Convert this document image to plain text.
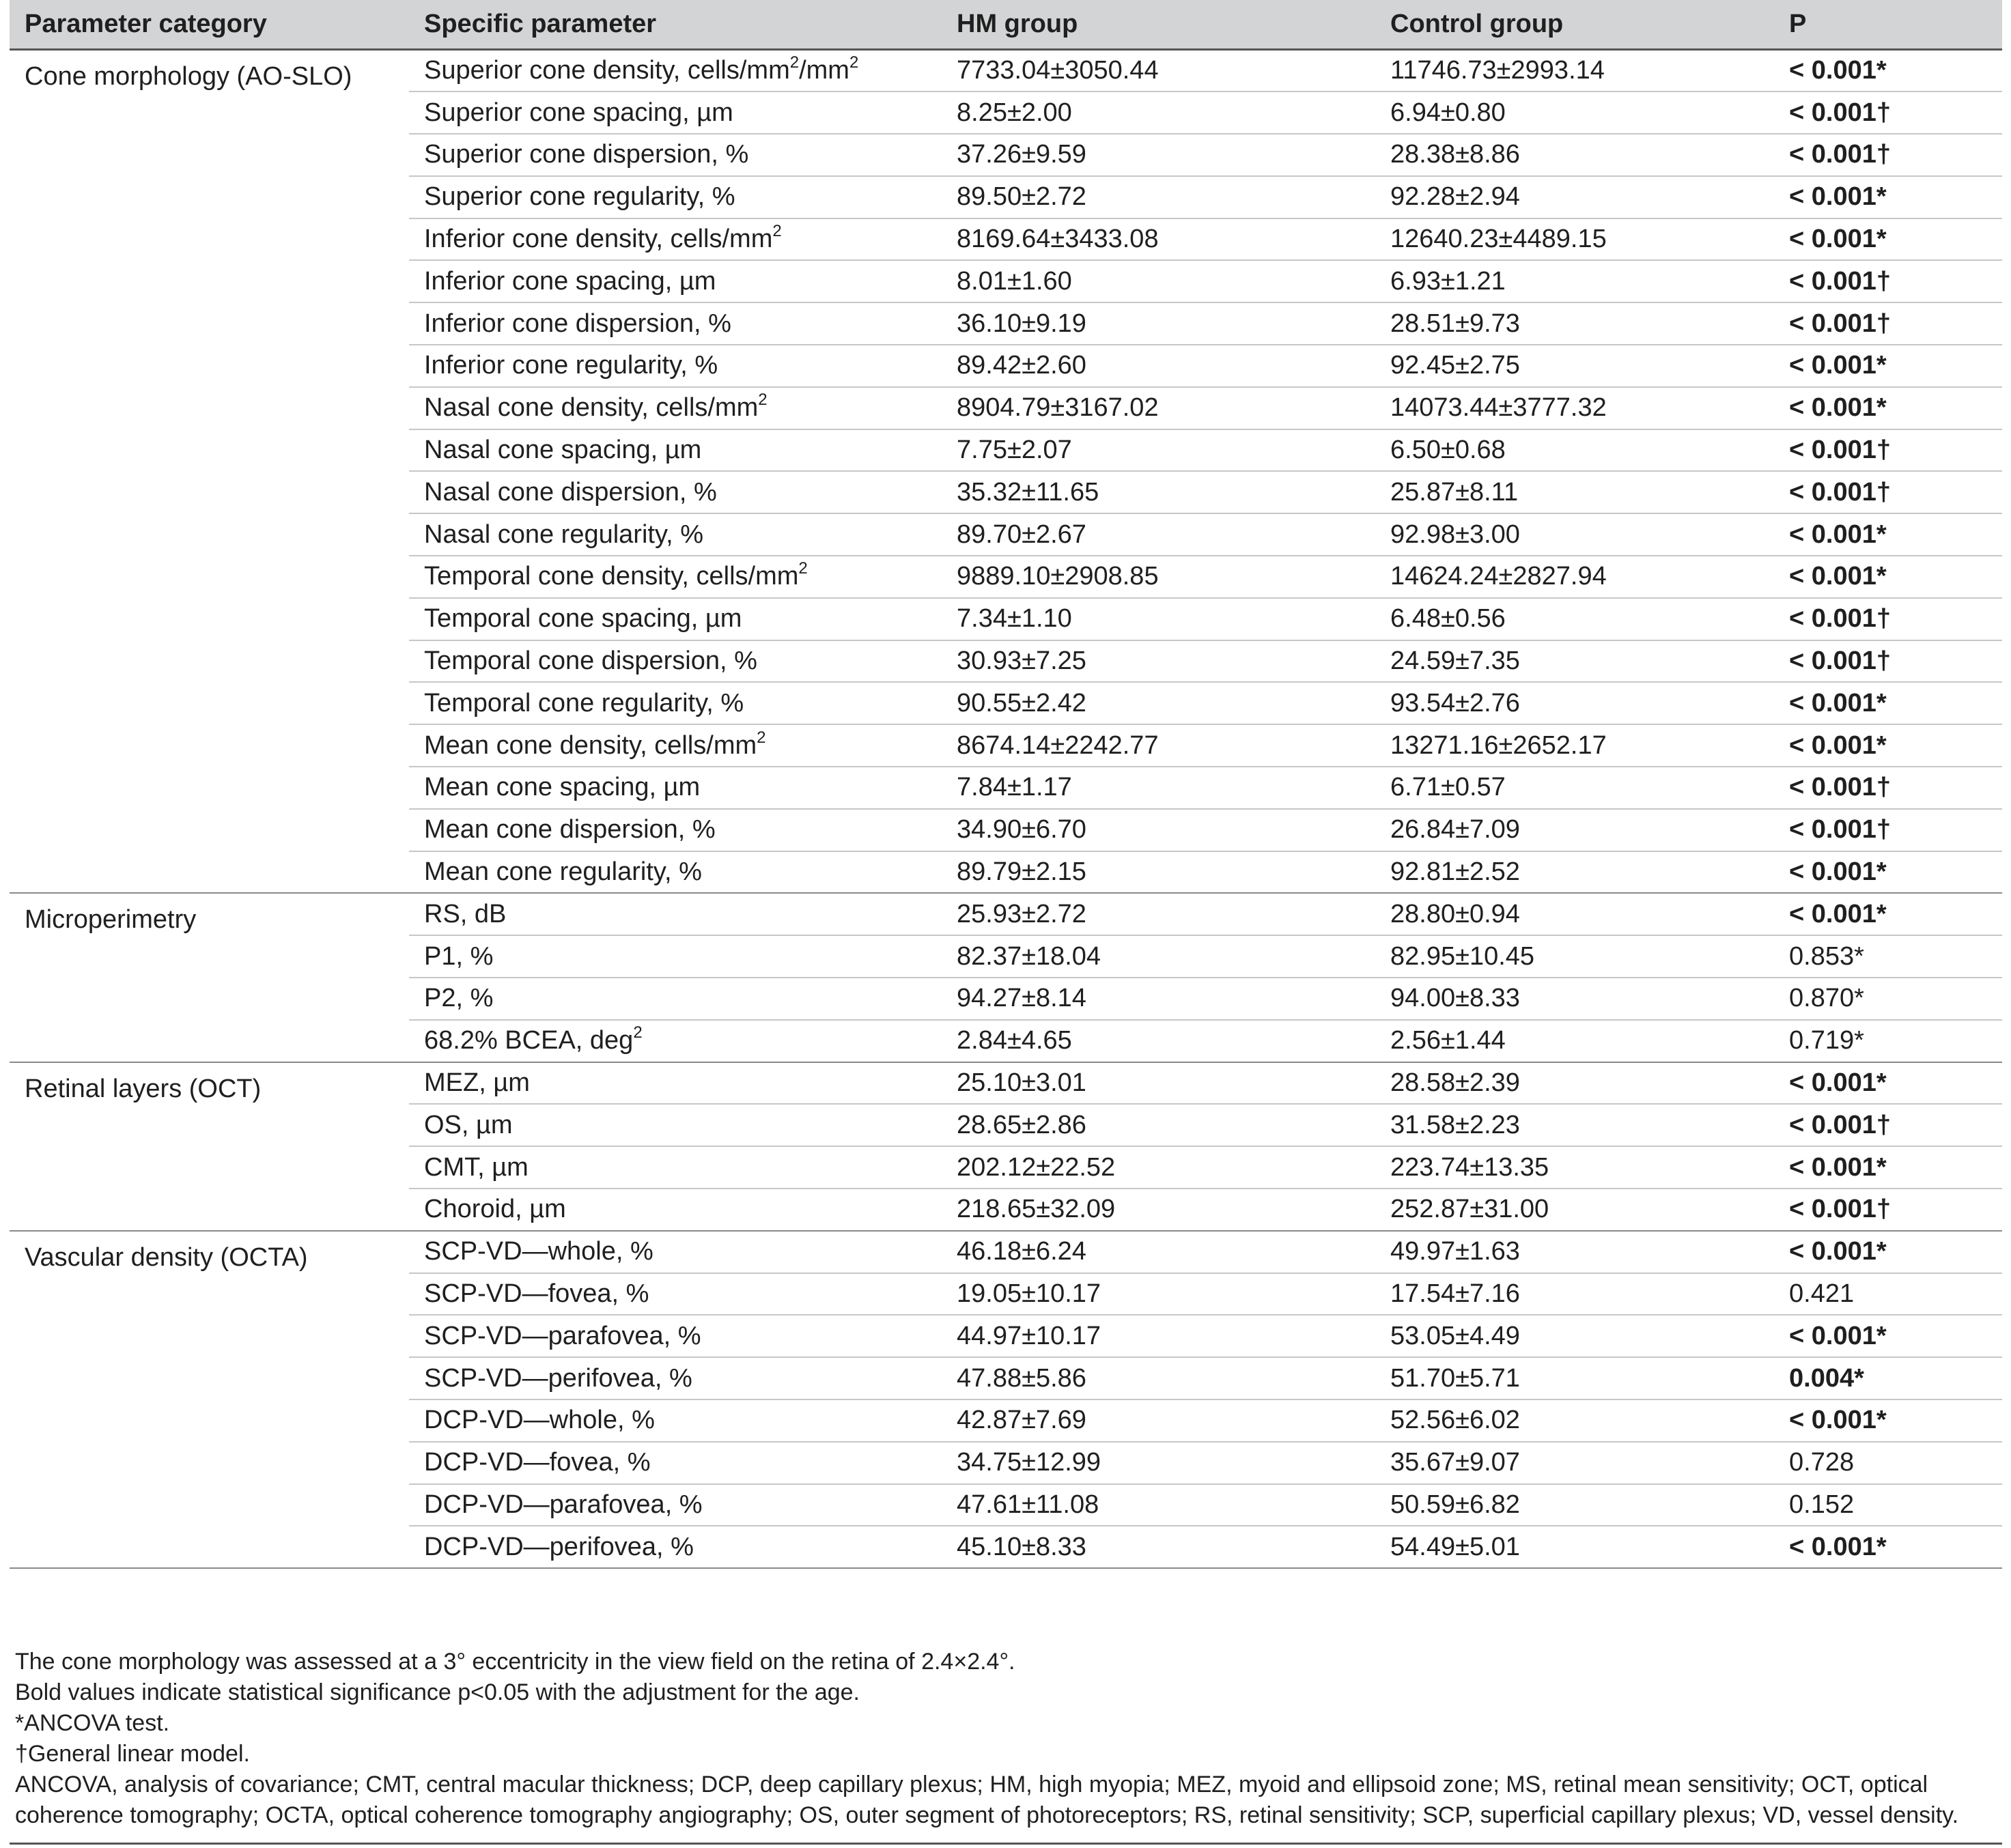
Parameter category	Specific parameter	HM group	Control group	P
Cone morphology (AO-SLO)	Superior cone density, cells/$mm^2/mm^2$	7733.04±3050.44	11746.73±2993.14	< 0.001*
	Superior cone spacing, µm	8.25±2.00	6.94±0.80	< 0.001†
	Superior cone dispersion, %	37.26±9.59	28.38±8.86	< 0.001†
	Superior cone regularity, %	89.50±2.72	92.28±2.94	< 0.001*
	Inferior cone density, cells/$mm^2$	8169.64±3433.08	12640.23±4489.15	< 0.001*
	Inferior cone spacing, µm	8.01±1.60	6.93±1.21	< 0.001†
	Inferior cone dispersion, %	36.10±9.19	28.51±9.73	< 0.001†
	Inferior cone regularity, %	89.42±2.60	92.45±2.75	< 0.001*
	Nasal cone density, cells/$mm^2$	8904.79±3167.02	14073.44±3777.32	< 0.001*
	Nasal cone spacing, µm	7.75±2.07	6.50±0.68	< 0.001†
	Nasal cone dispersion, %	35.32±11.65	25.87±8.11	< 0.001†
	Nasal cone regularity, %	89.70±2.67	92.98±3.00	< 0.001*
	Temporal cone density, cells/$mm^2$	9889.10±2908.85	14624.24±2827.94	< 0.001*
	Temporal cone spacing, µm	7.34±1.10	6.48±0.56	< 0.001†
	Temporal cone dispersion, %	30.93±7.25	24.59±7.35	< 0.001†
	Temporal cone regularity, %	90.55±2.42	93.54±2.76	< 0.001*
	Mean cone density, cells/$mm^2$	8674.14±2242.77	13271.16±2652.17	< 0.001*
	Mean cone spacing, µm	7.84±1.17	6.71±0.57	< 0.001†
	Mean cone dispersion, %	34.90±6.70	26.84±7.09	< 0.001†
	Mean cone regularity, %	89.79±2.15	92.81±2.52	< 0.001*
Microperimetry	RS, dB	25.93±2.72	28.80±0.94	< 0.001*
	P1, %	82.37±18.04	82.95±10.45	0.853*
	P2, %	94.27±8.14	94.00±8.33	0.870*
	68.2% BCEA, deg$^2$	2.84±4.65	2.56±1.44	0.719*
Retinal layers (OCT)	MEZ, µm	25.10±3.01	28.58±2.39	< 0.001*
	OS, µm	28.65±2.86	31.58±2.23	< 0.001†
	CMT, µm	202.12±22.52	223.74±13.35	< 0.001*
	Choroid, µm	218.65±32.09	252.87±31.00	< 0.001†
Vascular density (OCTA)	SCP-VD—whole, %	46.18±6.24	49.97±1.63	< 0.001*
	SCP-VD—fovea, %	19.05±10.17	17.54±7.16	0.421
	SCP-VD—parafovea, %	44.97±10.17	53.05±4.49	< 0.001*
	SCP-VD—perifovea, %	47.88±5.86	51.70±5.71	0.004*
	DCP-VD—whole, %	42.87±7.69	52.56±6.02	< 0.001*
	DCP-VD—fovea, %	34.75±12.99	35.67±9.07	0.728
	DCP-VD—parafovea, %	47.61±11.08	50.59±6.82	0.152
	DCP-VD—perifovea, %	45.10±8.33	54.49±5.01	< 0.001*

The cone morphology was assessed at a 3° eccentricity in the view field on the retina of 2.4×2.4°.

Bold values indicate statistical significance p<0.05 with the adjustment for the age.

*ANCOVA test.

†General linear model.

ANCOVA, analysis of covariance; CMT, central macular thickness; DCP, deep capillary plexus; HM, high myopia; MEZ, myoid and ellipsoid zone; MS, retinal mean sensitivity; OCT, optical coherence tomography; OCTA, optical coherence tomography angiography; OS, outer segment of photoreceptors; RS, retinal sensitivity; SCP, superficial capillary plexus; VD, vessel density.
